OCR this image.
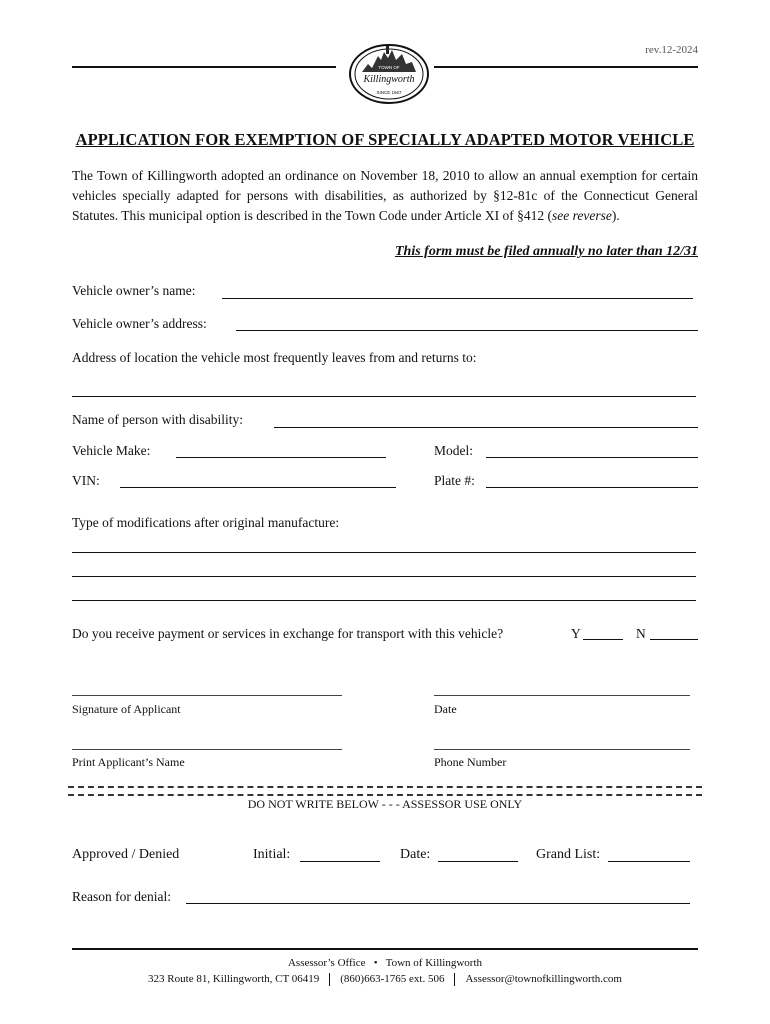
rev.12-2024
Killingworth
TOWN OF
SINCE 1667
APPLICATION FOR EXEMPTION OF SPECIALLY ADAPTED MOTOR VEHICLE
The Town of Killingworth adopted an ordinance on November 18, 2010 to allow an annual exemption for certain vehicles specially adapted for persons with disabilities, as authorized by §12-81c of the Connecticut General Statutes. This municipal option is described in the Town Code under Article XI of §412 (see reverse).
This form must be filed annually no later than 12/31
Vehicle owner’s name:
Vehicle owner’s address:
Address of location the vehicle most frequently leaves from and returns to:
Name of person with disability:
Vehicle Make:	Model:
VIN:	Plate #:
Type of modifications after original manufacture:
Do you receive payment or services in exchange for transport with this vehicle?	Y	N
Signature of Applicant	Date
Print Applicant’s Name	Phone Number
DO NOT WRITE BELOW - - - ASSESSOR USE ONLY
Approved / Denied	Initial:	Date:	Grand List:
Reason for denial:
Assessor’s Office • Town of Killingworth
323 Route 81, Killingworth, CT 06419 (860)663-1765 ext. 506 Assessor@townofkillingworth.com
